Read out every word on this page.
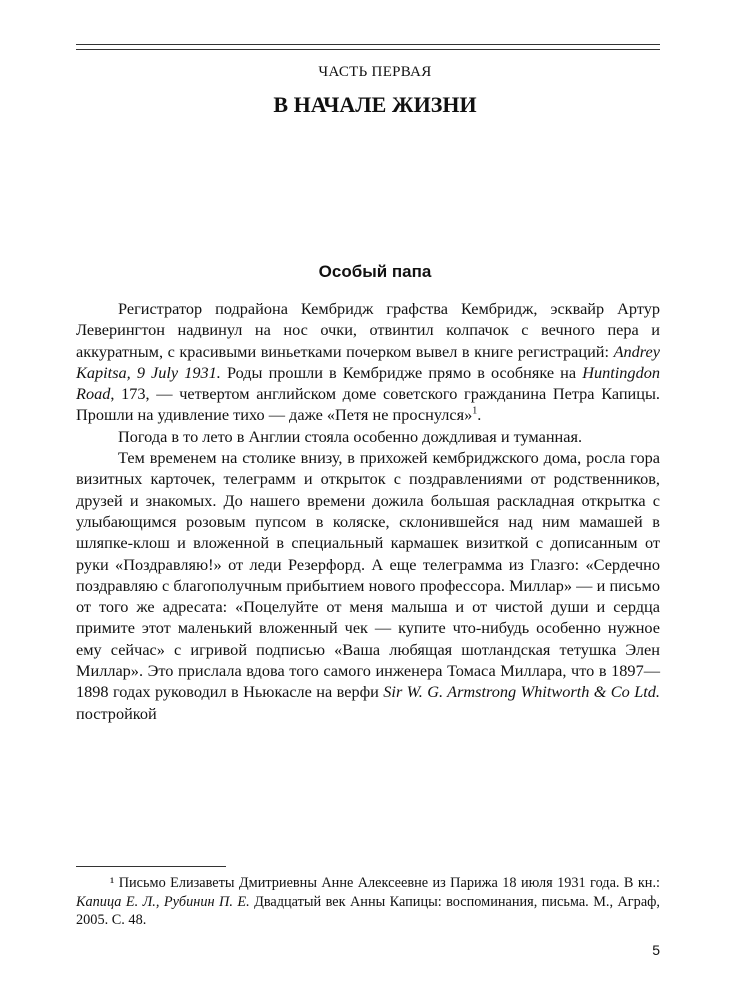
ЧАСТЬ ПЕРВАЯ
В НАЧАЛЕ ЖИЗНИ
Особый папа

Регистратор подрайона Кембридж графства Кембридж, эсквайр Артур Леверингтон надвинул на нос очки, отвинтил колпачок с вечного пера и аккуратным, с красивыми виньетками почерком вывел в книге регистраций: Andrey Kapitsa, 9 July 1931. Роды прошли в Кембридже прямо в особняке на Huntingdon Road, 173, — четвертом английском доме советского гражданина Петра Капицы. Прошли на удивление тихо — даже «Петя не проснулся»$^1$.

Погода в то лето в Англии стояла особенно дождливая и туманная.

Тем временем на столике внизу, в прихожей кембриджского дома, росла гора визитных карточек, телеграмм и открыток с поздравлениями от родственников, друзей и знакомых. До нашего времени дожила большая раскладная открытка с улыбающимся розовым пупсом в коляске, склонившейся над ним мамашей в шляпке-клош и вложенной в специальный кармашек визиткой с дописанным от руки «Поздравляю!» от леди Резерфорд. А еще телеграмма из Глазго: «Сердечно поздравляю с благополучным прибытием нового профессора. Миллар» — и письмо от того же адресата: «Поцелуйте от меня малыша и от чистой души и сердца примите этот маленький вложенный чек — купите что-нибудь особенно нужное ему сейчас» с игривой подписью «Ваша любящая шотландская тетушка Элен Миллар». Это прислала вдова того самого инженера Томаса Миллара, что в 1897—1898 годах руководил в Ньюкасле на верфи Sir W. G. Armstrong Whitworth & Co Ltd. постройкой

¹ Письмо Елизаветы Дмитриевны Анне Алексеевне из Парижа 18 июля 1931 года. В кн.: Капица Е. Л., Рубинин П. Е. Двадцатый век Анны Капицы: воспоминания, письма. М., Аграф, 2005. С. 48.

5
